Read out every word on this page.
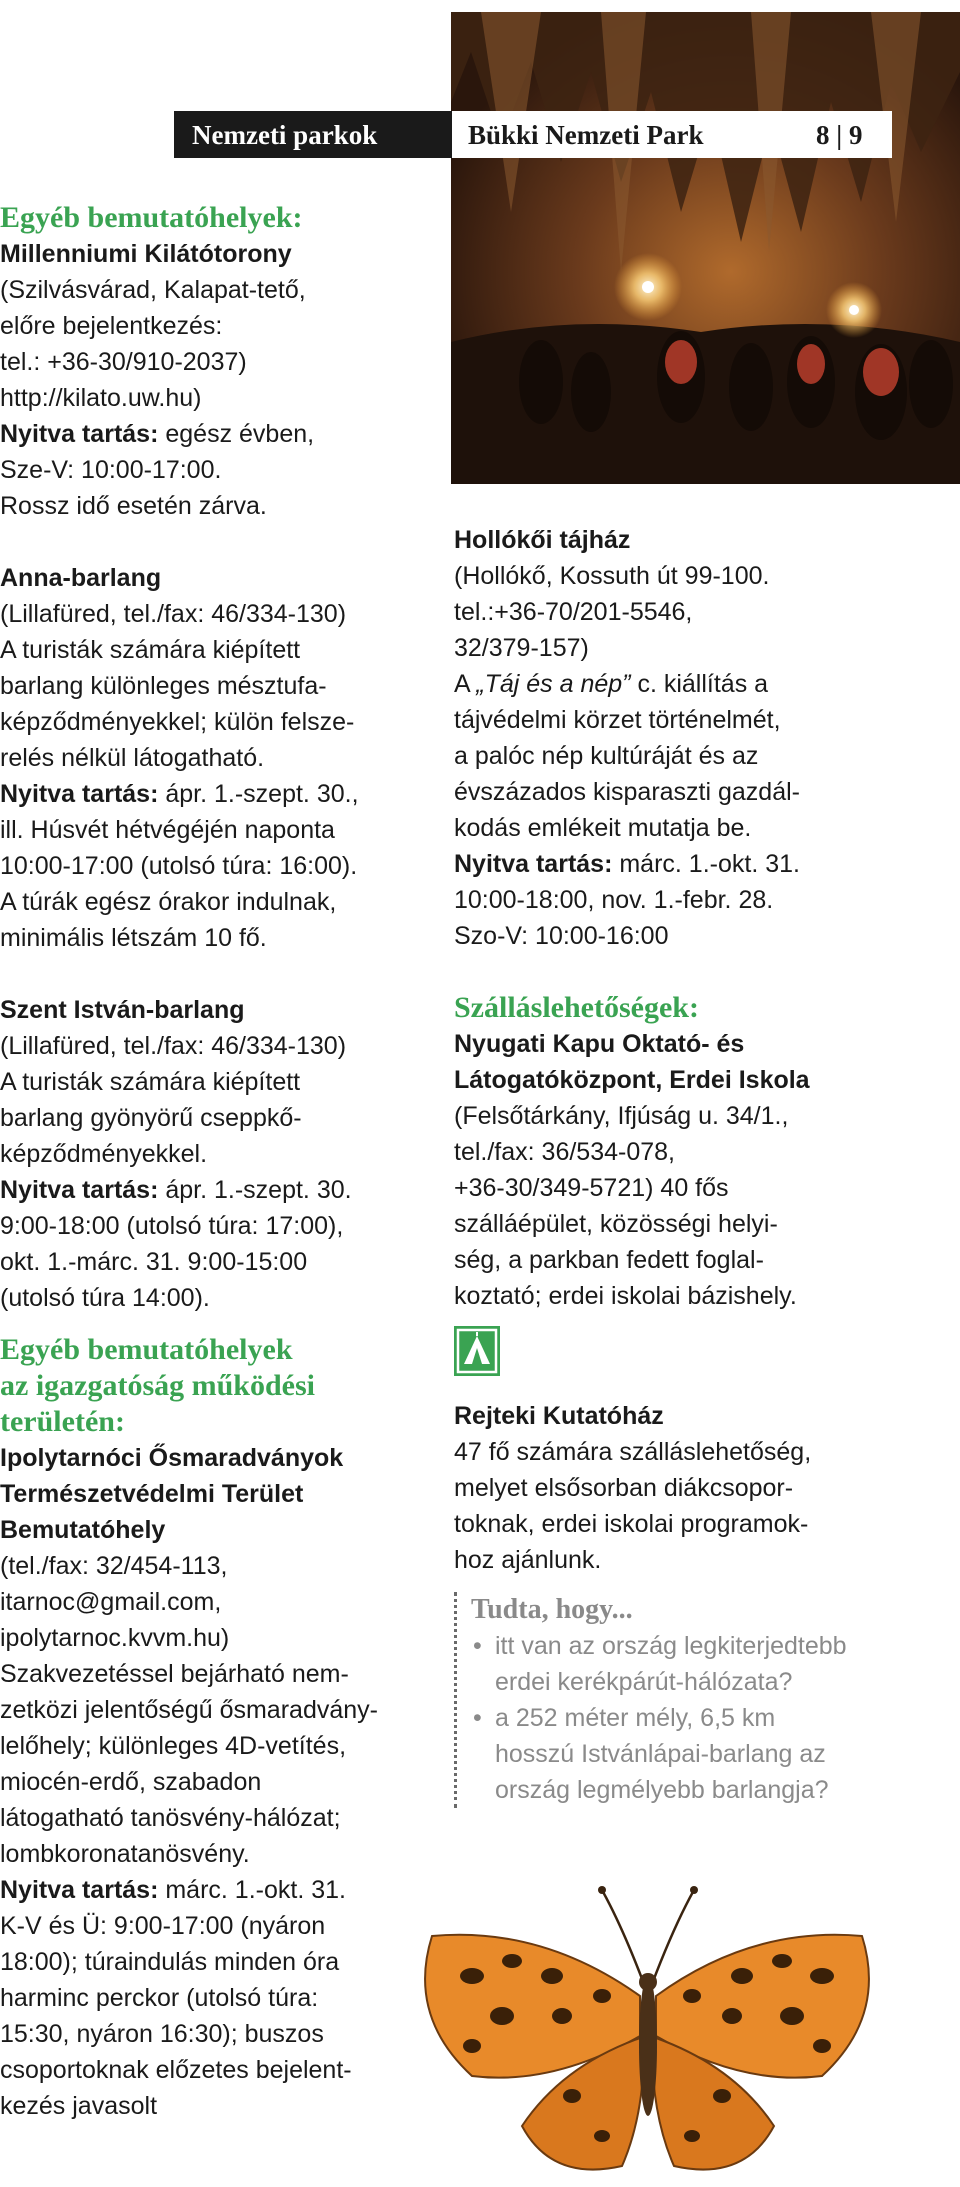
Nemzeti parkok	Bükki Nemzeti Park	8 | 9
Egyéb bemutatóhelyek:
Millenniumi Kilátótorony
(Szilvásvárad, Kalapat-tető,
előre bejelentkezés:
tel.: +36-30/910-2037)
http://kilato.uw.hu)
Nyitva tartás: egész évben,
Sze-V: 10:00-17:00.
Rossz idő esetén zárva.
Anna-barlang
(Lillafüred, tel./fax: 46/334-130)
A turisták számára kiépített
barlang különleges mésztufa-
képződményekkel; külön felsze-
relés nélkül látogatható.
Nyitva tartás: ápr. 1.-szept. 30.,
ill. Húsvét hétvégéjén naponta
10:00-17:00 (utolsó túra: 16:00).
A túrák egész órakor indulnak,
minimális létszám 10 fő.
Szent István-barlang
(Lillafüred, tel./fax: 46/334-130)
A turisták számára kiépített
barlang gyönyörű cseppkő-
képződményekkel.
Nyitva tartás: ápr. 1.-szept. 30.
9:00-18:00 (utolsó túra: 17:00),
okt. 1.-márc. 31. 9:00-15:00
(utolsó túra 14:00).
Egyéb bemutatóhelyek
az igazgatóság működési
területén:
Ipolytarnóci Ősmaradványok
Természetvédelmi Terület
Bemutatóhely
(tel./fax: 32/454-113,
itarnoc@gmail.com,
ipolytarnoc.kvvm.hu)
Szakvezetéssel bejárható nem-
zetközi jelentőségű ősmaradvány-
lelőhely; különleges 4D-vetítés,
miocén-erdő, szabadon
látogatható tanösvény-hálózat;
lombkoronatanösvény.
Nyitva tartás: márc. 1.-okt. 31.
K-V és Ü: 9:00-17:00 (nyáron
18:00); túraindulás minden óra
harminc perckor (utolsó túra:
15:30, nyáron 16:30); buszos
csoportoknak előzetes bejelent-
kezés javasolt
Hollókői tájház
(Hollókő, Kossuth út 99-100.
tel.:+36-70/201-5546,
32/379-157)
A „Táj és a nép” c. kiállítás a
tájvédelmi körzet történelmét,
a palóc nép kultúráját és az
évszázados kisparaszti gazdál-
kodás emlékeit mutatja be.
Nyitva tartás: márc. 1.-okt. 31.
10:00-18:00, nov. 1.-febr. 28.
Szo-V: 10:00-16:00
Szálláslehetőségek:
Nyugati Kapu Oktató- és
Látogatóközpont, Erdei Iskola
(Felsőtárkány, Ifjúság u. 34/1.,
tel./fax: 36/534-078,
+36-30/349-5721) 40 fős
szálláépület, közösségi helyi-
ség, a parkban fedett foglal-
koztató; erdei iskolai bázishely.
Rejteki Kutatóház
47 fő számára szálláslehetőség,
melyet elsősorban diákcsopor-
toknak, erdei iskolai programok-
hoz ajánlunk.
Tudta, hogy...
• itt van az ország legkiterjedtebb
erdei kerékpárút-hálózata?
• a 252 méter mély, 6,5 km
hosszú Istvánlápai-barlang az
ország legmélyebb barlangja?
